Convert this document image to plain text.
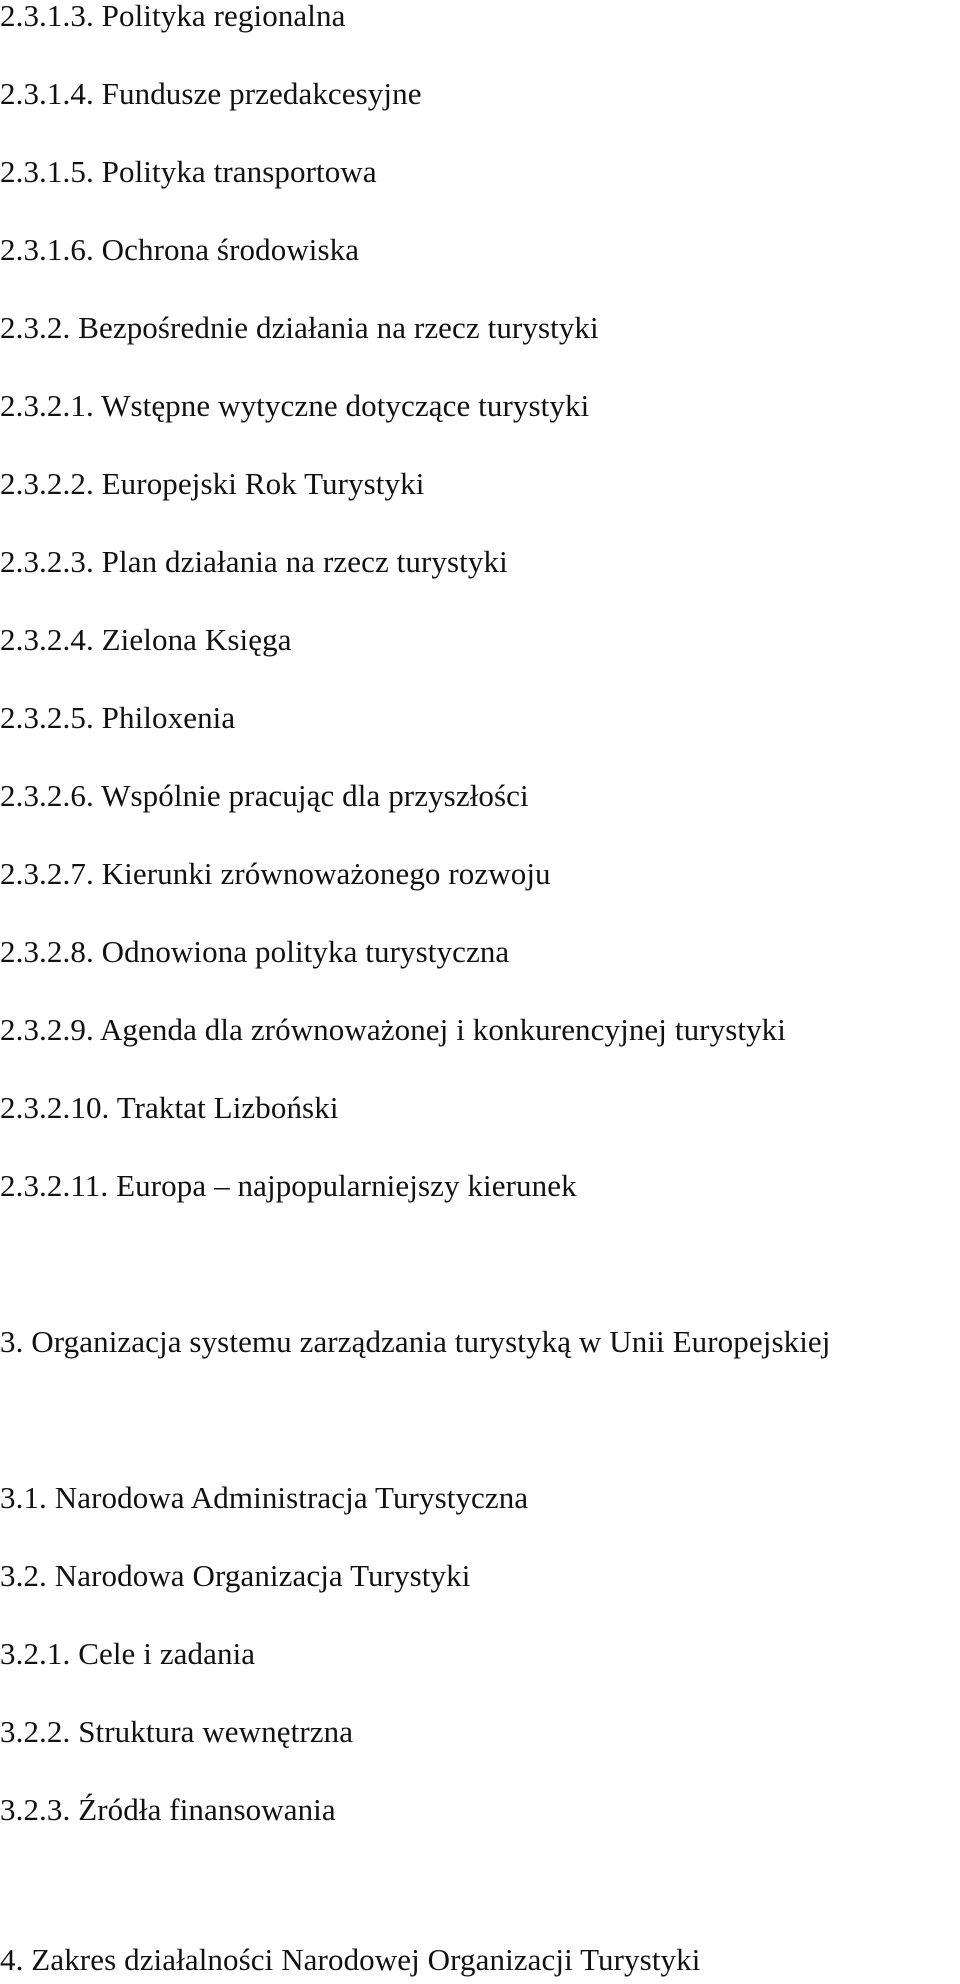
2.3.1.3. Polityka regionalna
2.3.1.4. Fundusze przedakcesyjne
2.3.1.5. Polityka transportowa
2.3.1.6. Ochrona środowiska
2.3.2. Bezpośrednie działania na rzecz turystyki
2.3.2.1. Wstępne wytyczne dotyczące turystyki
2.3.2.2. Europejski Rok Turystyki
2.3.2.3. Plan działania na rzecz turystyki
2.3.2.4. Zielona Księga
2.3.2.5. Philoxenia
2.3.2.6. Wspólnie pracując dla przyszłości
2.3.2.7. Kierunki zrównoważonego rozwoju
2.3.2.8. Odnowiona polityka turystyczna
2.3.2.9. Agenda dla zrównoważonej i konkurencyjnej turystyki
2.3.2.10. Traktat Lizboński
2.3.2.11. Europa – najpopularniejszy kierunek
3. Organizacja systemu zarządzania turystyką w Unii Europejskiej
3.1. Narodowa Administracja Turystyczna
3.2. Narodowa Organizacja Turystyki
3.2.1. Cele i zadania
3.2.2. Struktura wewnętrzna
3.2.3. Źródła finansowania
4. Zakres działalności Narodowej Organizacji Turystyki
